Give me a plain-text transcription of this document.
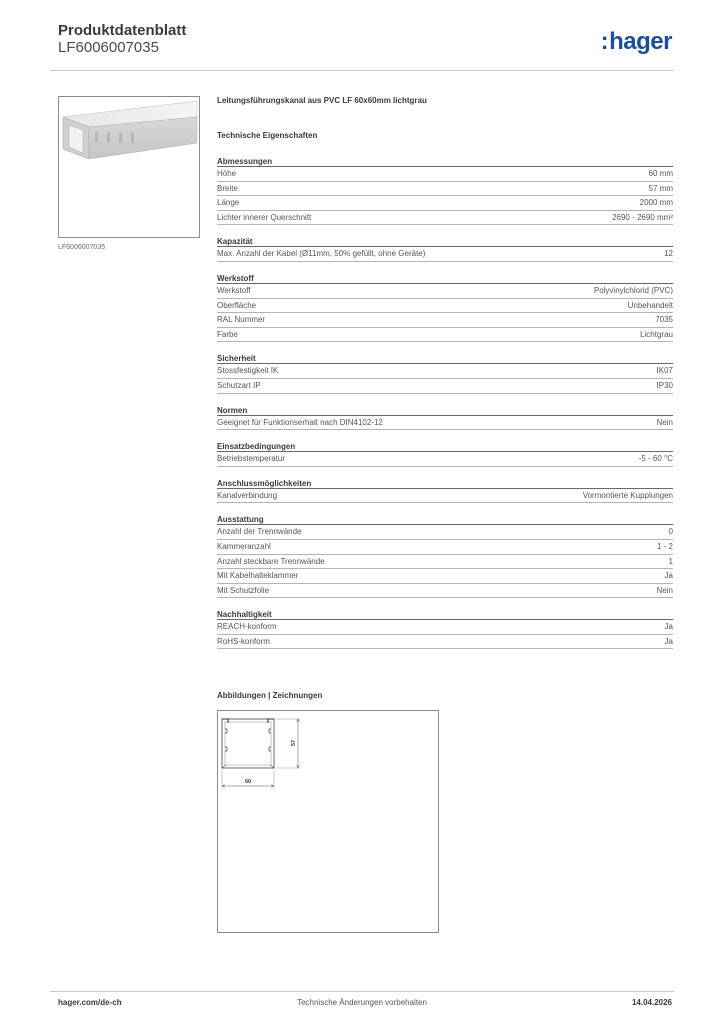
Produktdatenblatt
LF6006007035	:hager
LF6006007035
Leitungsführungskanal aus PVC LF 60x60mm lichtgrau
Technische Eigenschaften
Abmessungen
Höhe	60 mm
Breite	57 mm
Länge	2000 mm
Lichter innerer Querschnitt	2690 - 2690 mm²
Kapazität
Max. Anzahl der Kabel (Ø11mm, 50% gefüllt, ohne Geräte)	12
Werkstoff
Werkstoff	Polyvinylchlorid (PVC)
Oberfläche	Unbehandelt
RAL Nummer	7035
Farbe	Lichtgrau
Sicherheit
Stossfestigkeit IK	IK07
Schutzart IP	IP30
Normen
Geeignet für Funktionserhalt nach DIN4102-12	Nein
Einsatzbedingungen
Betriebstemperatur	-5 - 60 °C
Anschlussmöglichkeiten
Kanalverbindung	Vormontierte Kupplungen
Ausstattung
Anzahl der Trennwände	0
Kammeranzahl	1 - 2
Anzahl steckbare Trennwände	1
Mit Kabelhalteklammer	Ja
Mit Schutzfolie	Nein
Nachhaltigkeit
REACH-konform	Ja
RoHS-konform	Ja
Abbildungen | Zeichnungen
57
60
hager.com/de-ch	Technische Änderungen vorbehalten	14.04.2026
